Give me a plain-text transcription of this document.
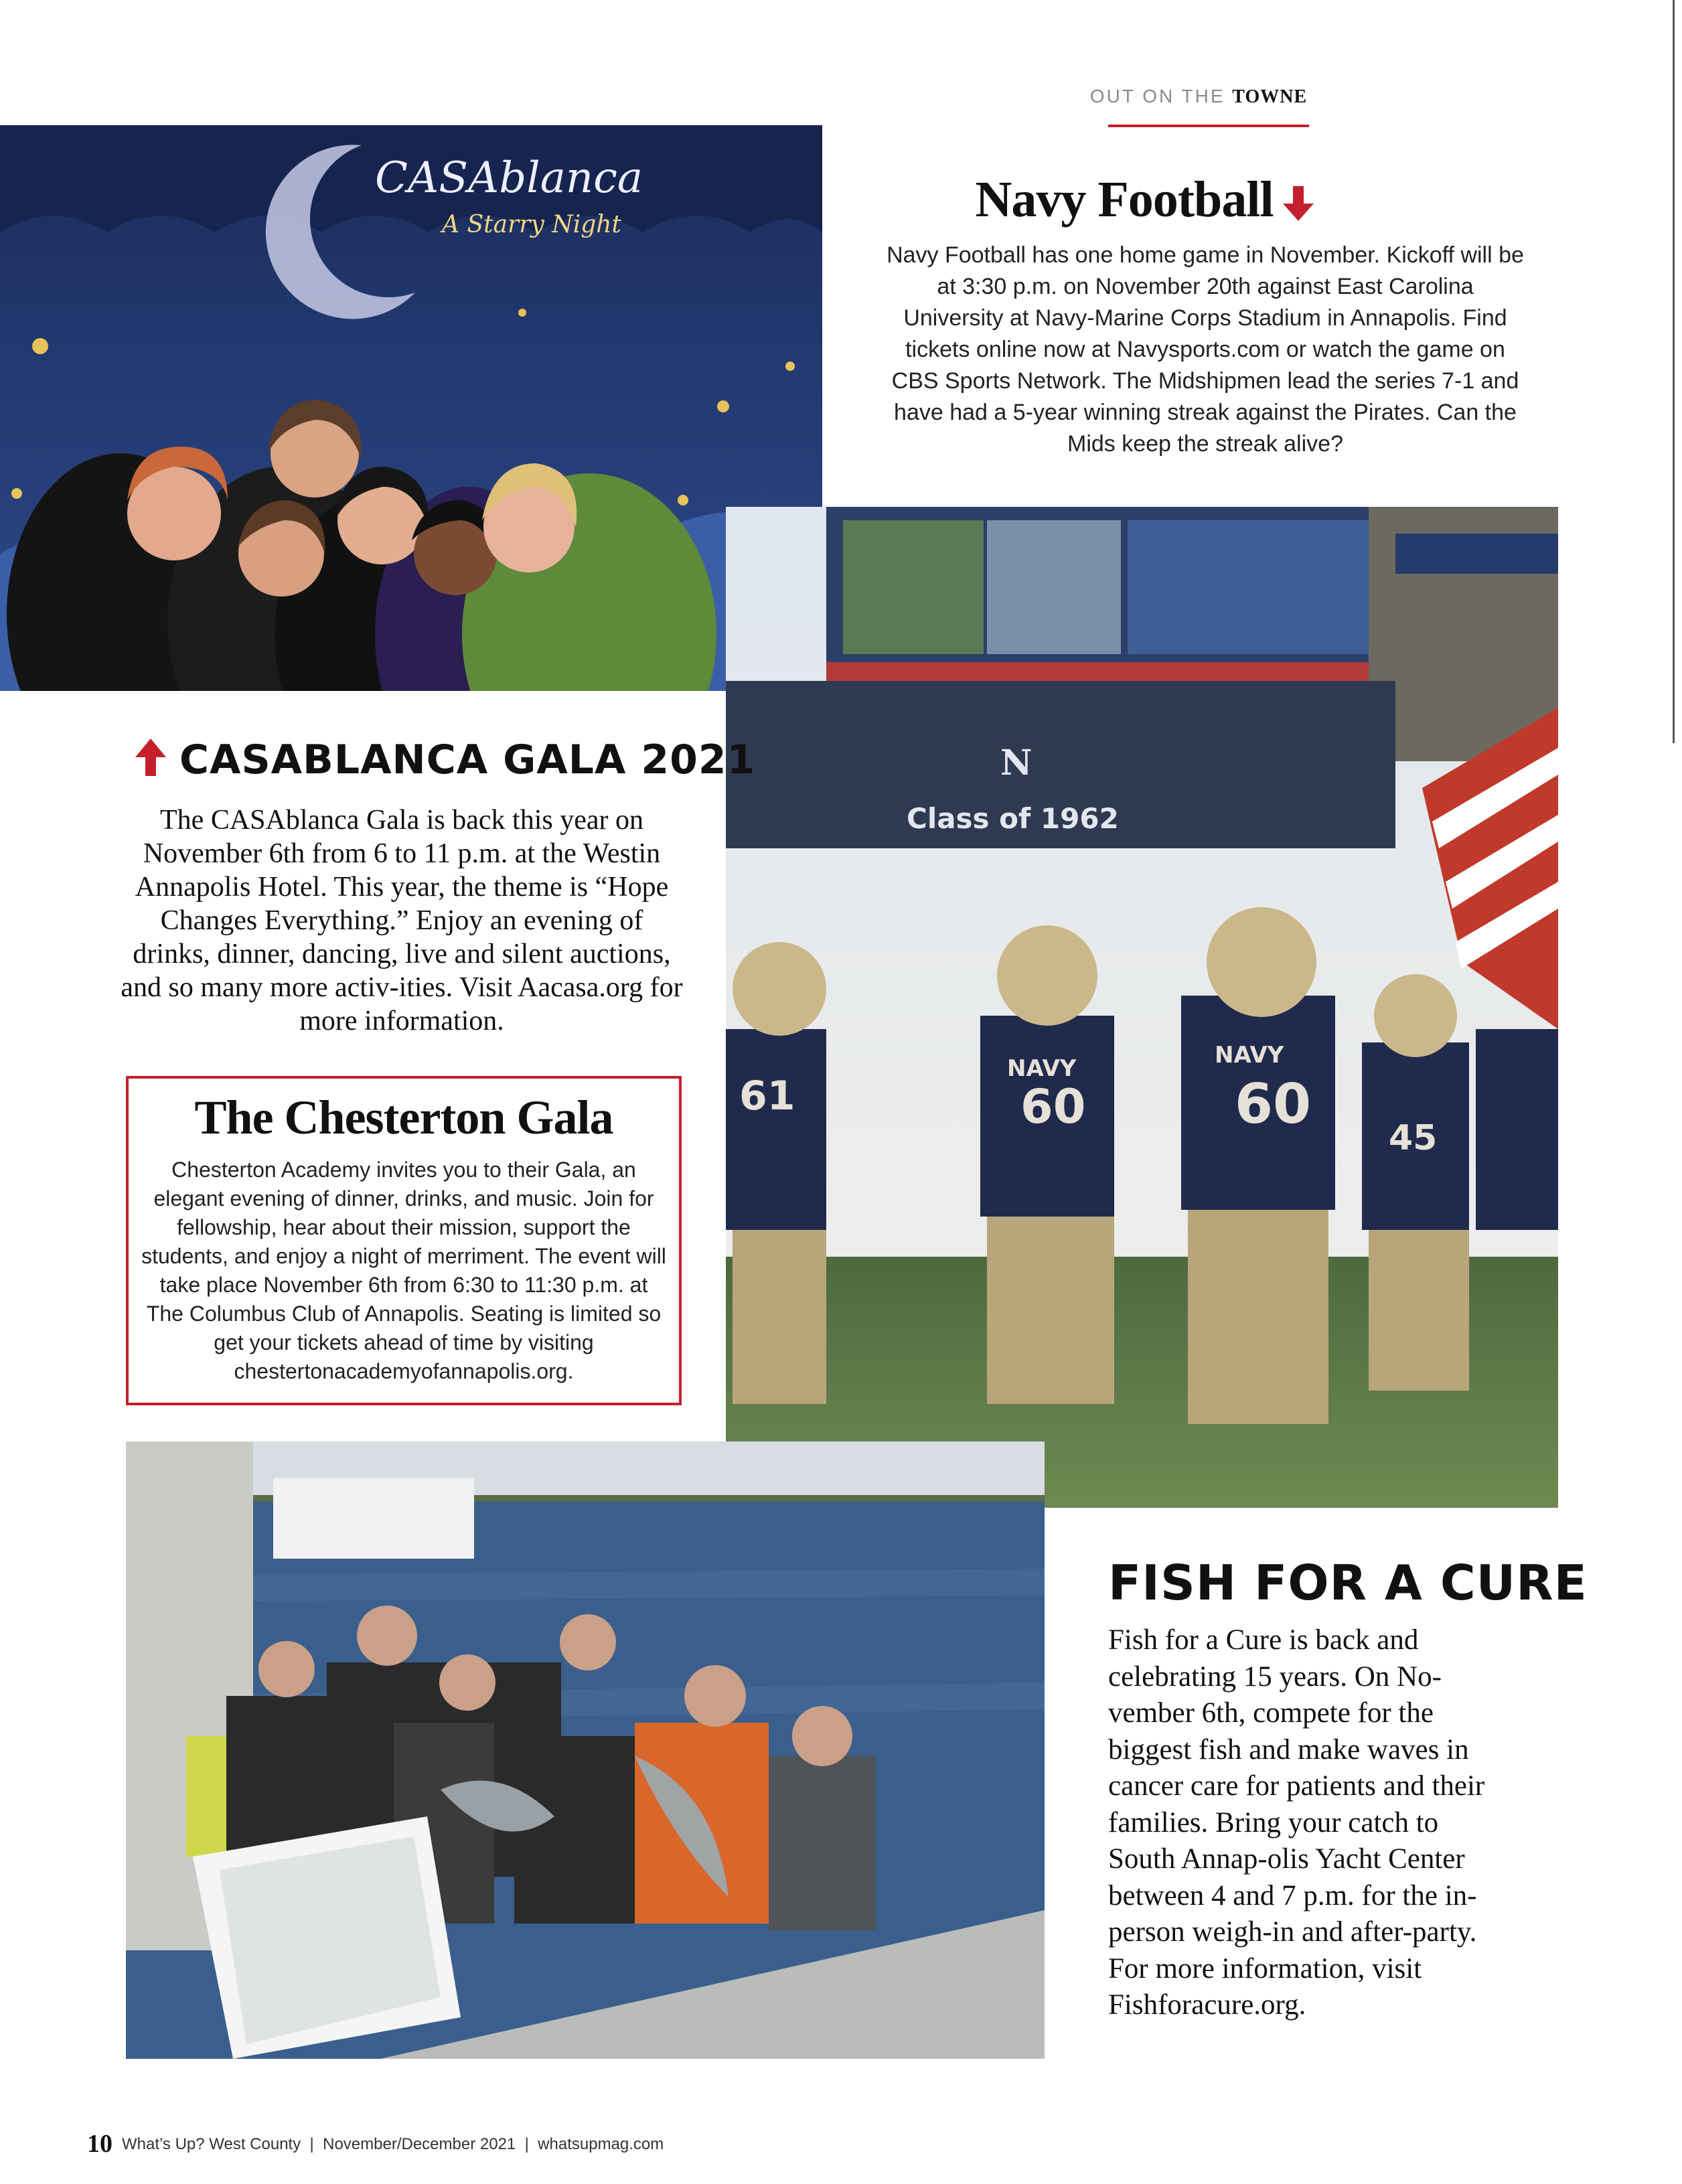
OUT ON THE TOWNE
CASAblanca
A Starry Night	Navy Football
Navy Football has one home game in November. Kickoff will be at 3:30 p.m. on November 20th against East Carolina University at Navy-Marine Corps Stadium in Annapolis. Find tickets online now at Navysports.com or watch the game on CBS Sports Network. The Midshipmen lead the series 7-1 and have had a 5-year winning streak against the Pirates. Can the Mids keep the streak alive?
N
Class of 1962
NAVY	NAVY
61	60	60
45
CASABLANCA GALA 2021
The CASAblanca Gala is back this year on November 6th from 6 to 11 p.m. at the Westin Annapolis Hotel. This year, the theme is “Hope Changes Everything.” Enjoy an evening of drinks, dinner, dancing, live and silent auctions, and so many more activ-ities. Visit Aacasa.org for more information.
The Chesterton Gala
Chesterton Academy invites you to their Gala, an elegant evening of dinner, drinks, and music. Join for fellowship, hear about their mission, support the students, and enjoy a night of merriment. The event will take place November 6th from 6:30 to 11:30 p.m. at The Columbus Club of Annapolis. Seating is limited so get your tickets ahead of time by visiting chestertonacademyofannapolis.org.
FISH FOR A CURE
Fish for a Cure is back and celebrating 15 years. On No-vember 6th, compete for the biggest fish and make waves in cancer care for patients and their families. Bring your catch to South Annap-olis Yacht Center between 4 and 7 p.m. for the in-person weigh-in and after-party. For more information, visit Fishforacure.org.
10 What’s Up? West County  |  November/December 2021  |  whatsupmag.com
